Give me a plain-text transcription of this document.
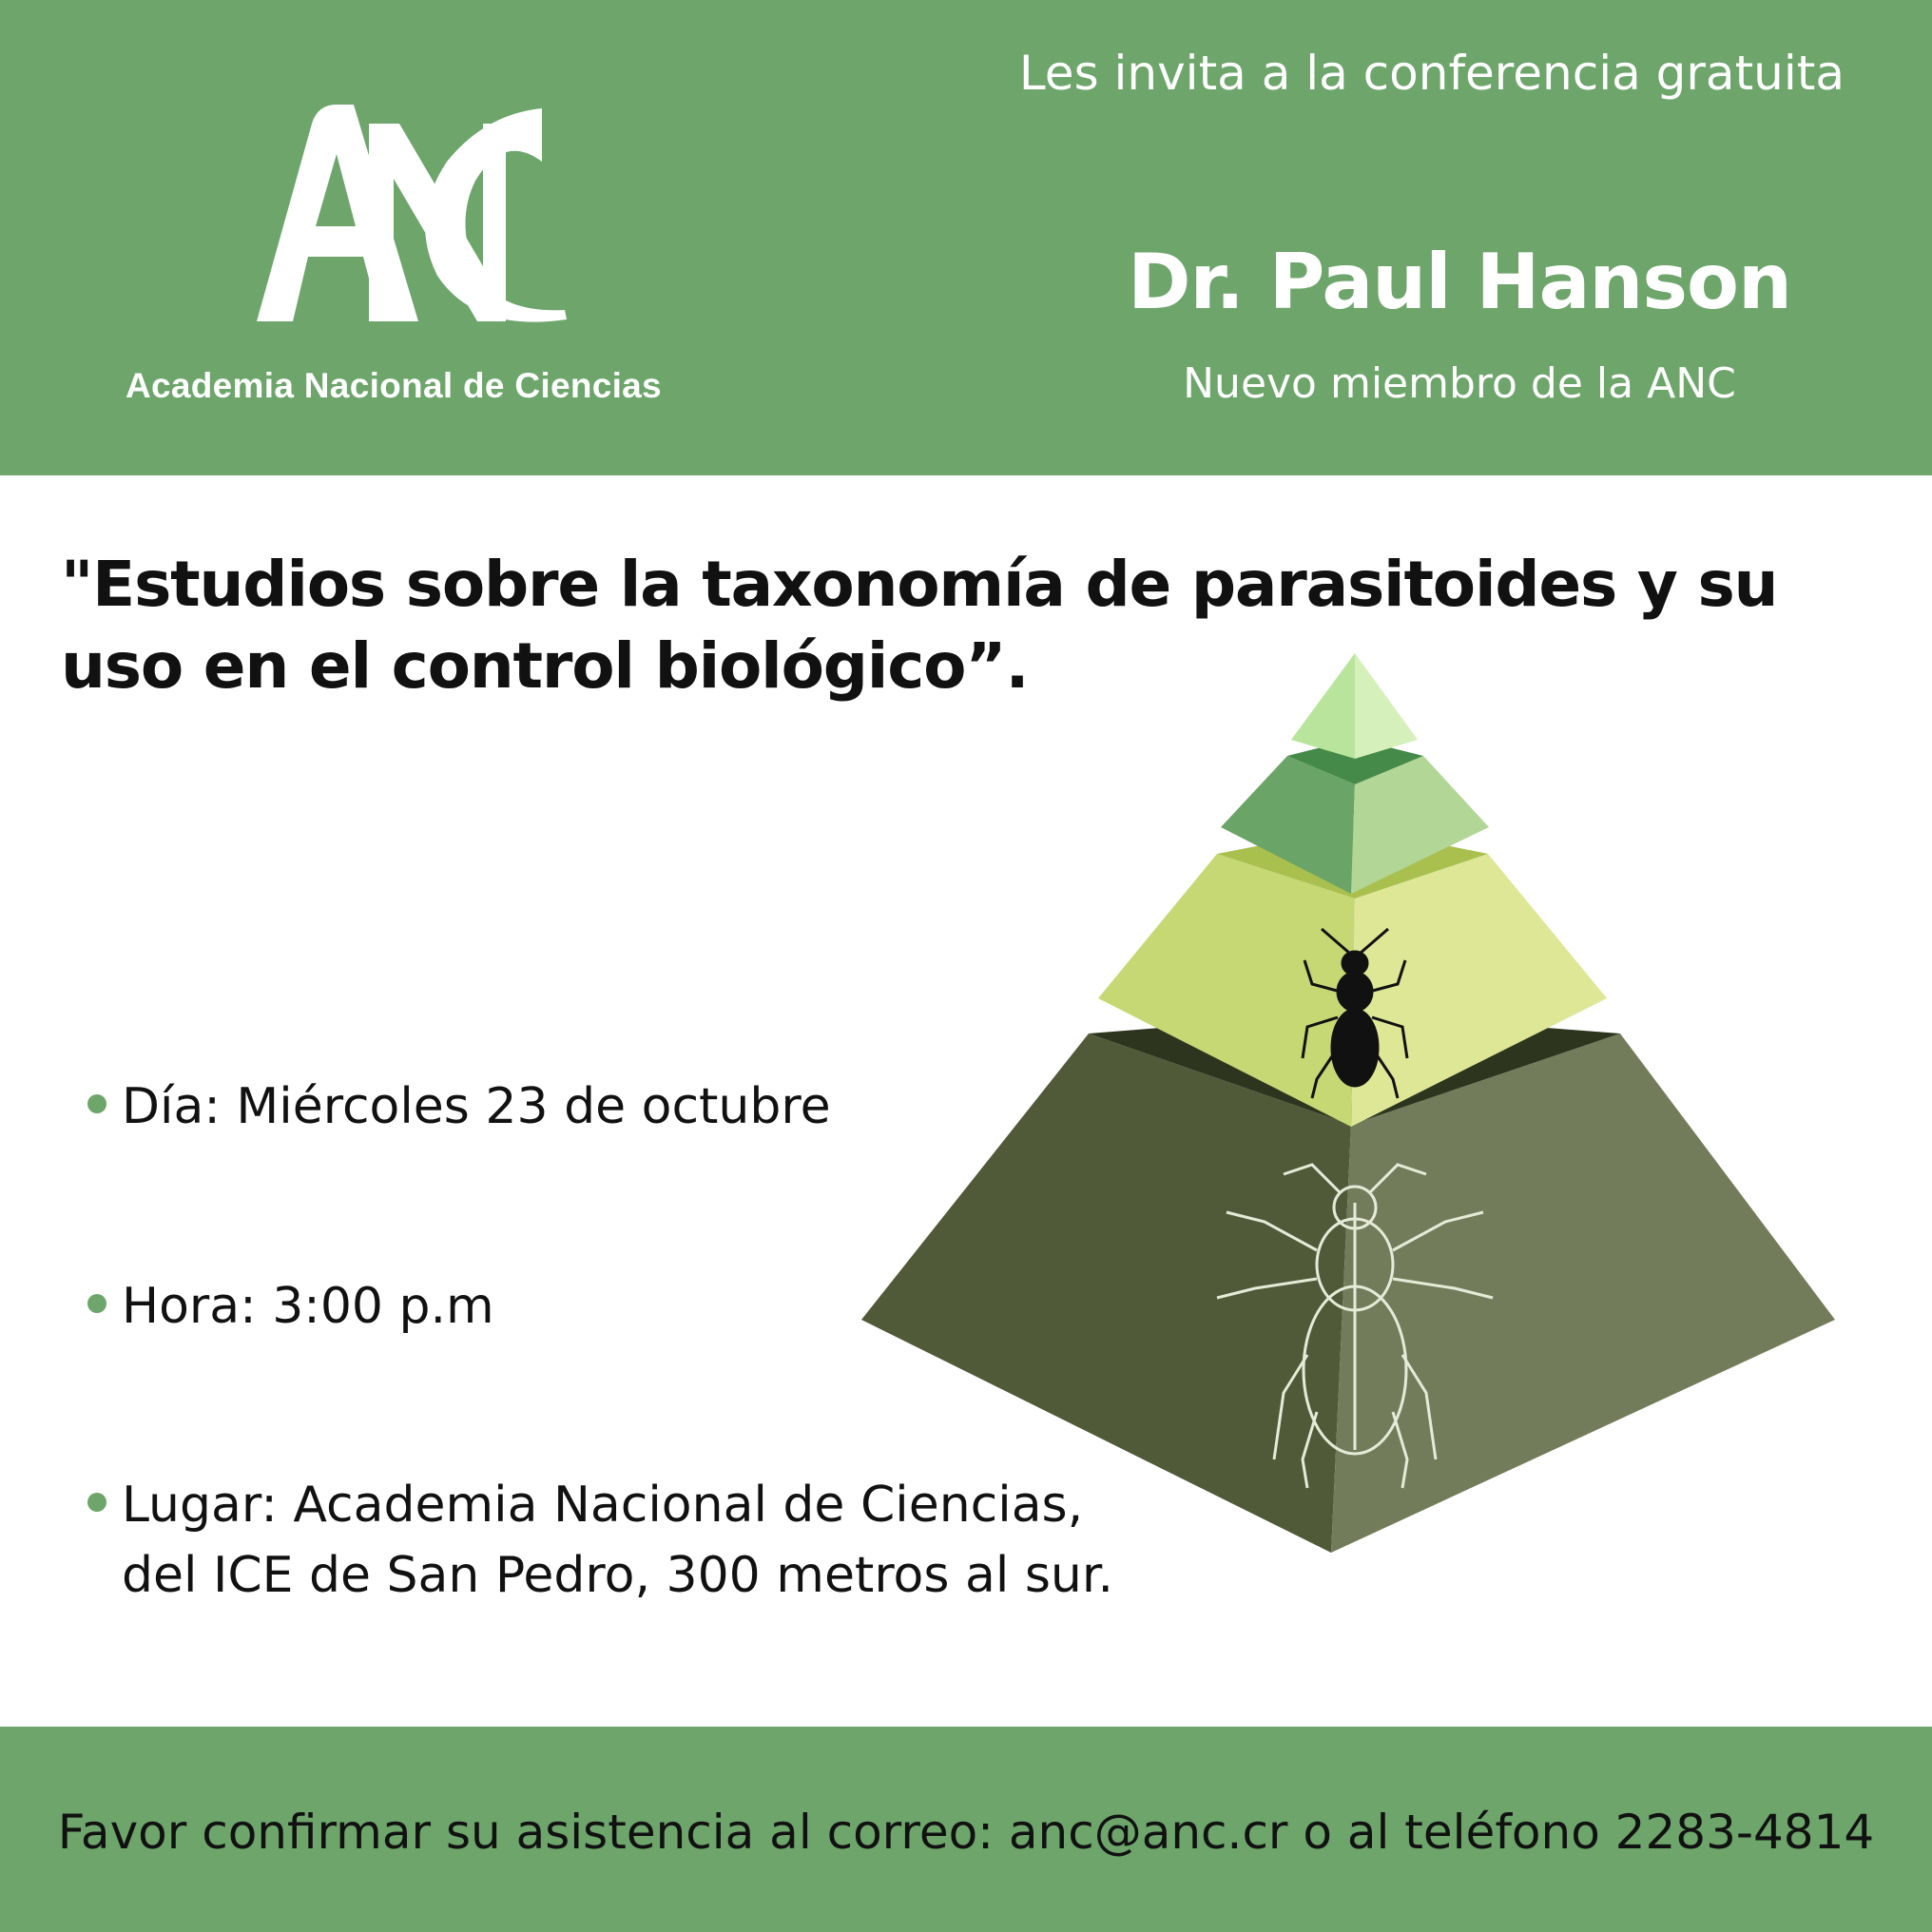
Academia Nacional de Ciencias
Les invita a la conferencia gratuita
Dr. Paul Hanson
Nuevo miembro de la ANC
"Estudios sobre la taxonomía de parasitoides y su uso en el control biológico”.
Día: Miércoles 23 de octubre
Hora: 3:00 p.m
Lugar: Academia Nacional de Ciencias,
del ICE de San Pedro, 300 metros al sur.
Favor confirmar su asistencia al correo: anc@anc.cr o al teléfono 2283-4814
